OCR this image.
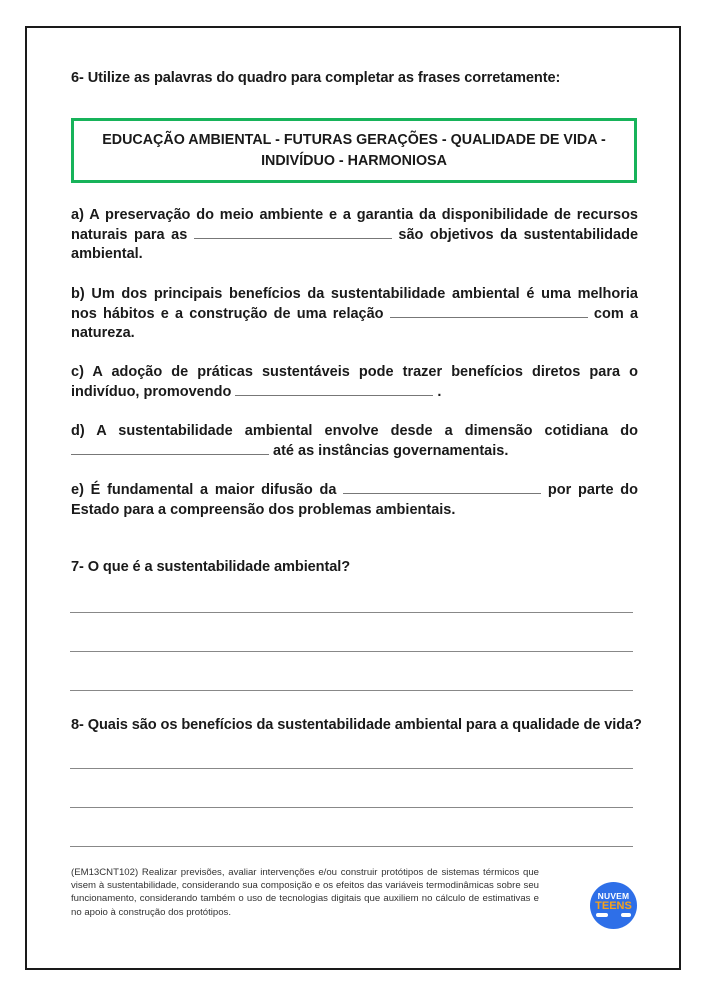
6- Utilize as palavras do quadro para completar as frases corretamente:
EDUCAÇÃO AMBIENTAL - FUTURAS GERAÇÕES - QUALIDADE DE VIDA - INDIVÍDUO - HARMONIOSA
a) A preservação do meio ambiente e a garantia da disponibilidade de recursos naturais para as	são objetivos da sustentabilidade ambiental.
b) Um dos principais benefícios da sustentabilidade ambiental é uma melhoria nos hábitos e a construção de uma relação	com a natureza.
c) A adoção de práticas sustentáveis pode trazer benefícios diretos para o indivíduo, promovendo	.
d) A sustentabilidade ambiental envolve desde a dimensão cotidiana do  até as instâncias governamentais.
e) É fundamental a maior difusão da	por parte do Estado para a compreensão dos problemas ambientais.
7- O que é a sustentabilidade ambiental?
8- Quais são os benefícios da sustentabilidade ambiental para a qualidade de vida?
(EM13CNT102) Realizar previsões, avaliar intervenções e/ou construir protótipos de sistemas térmicos que visem à sustentabilidade, considerando sua composição e os efeitos das variáveis termodinâmicas sobre seu funcionamento, considerando também o uso de tecnologias digitais que auxiliem no cálculo de estimativas e no apoio à construção dos protótipos.
NUVEM
TEENS
